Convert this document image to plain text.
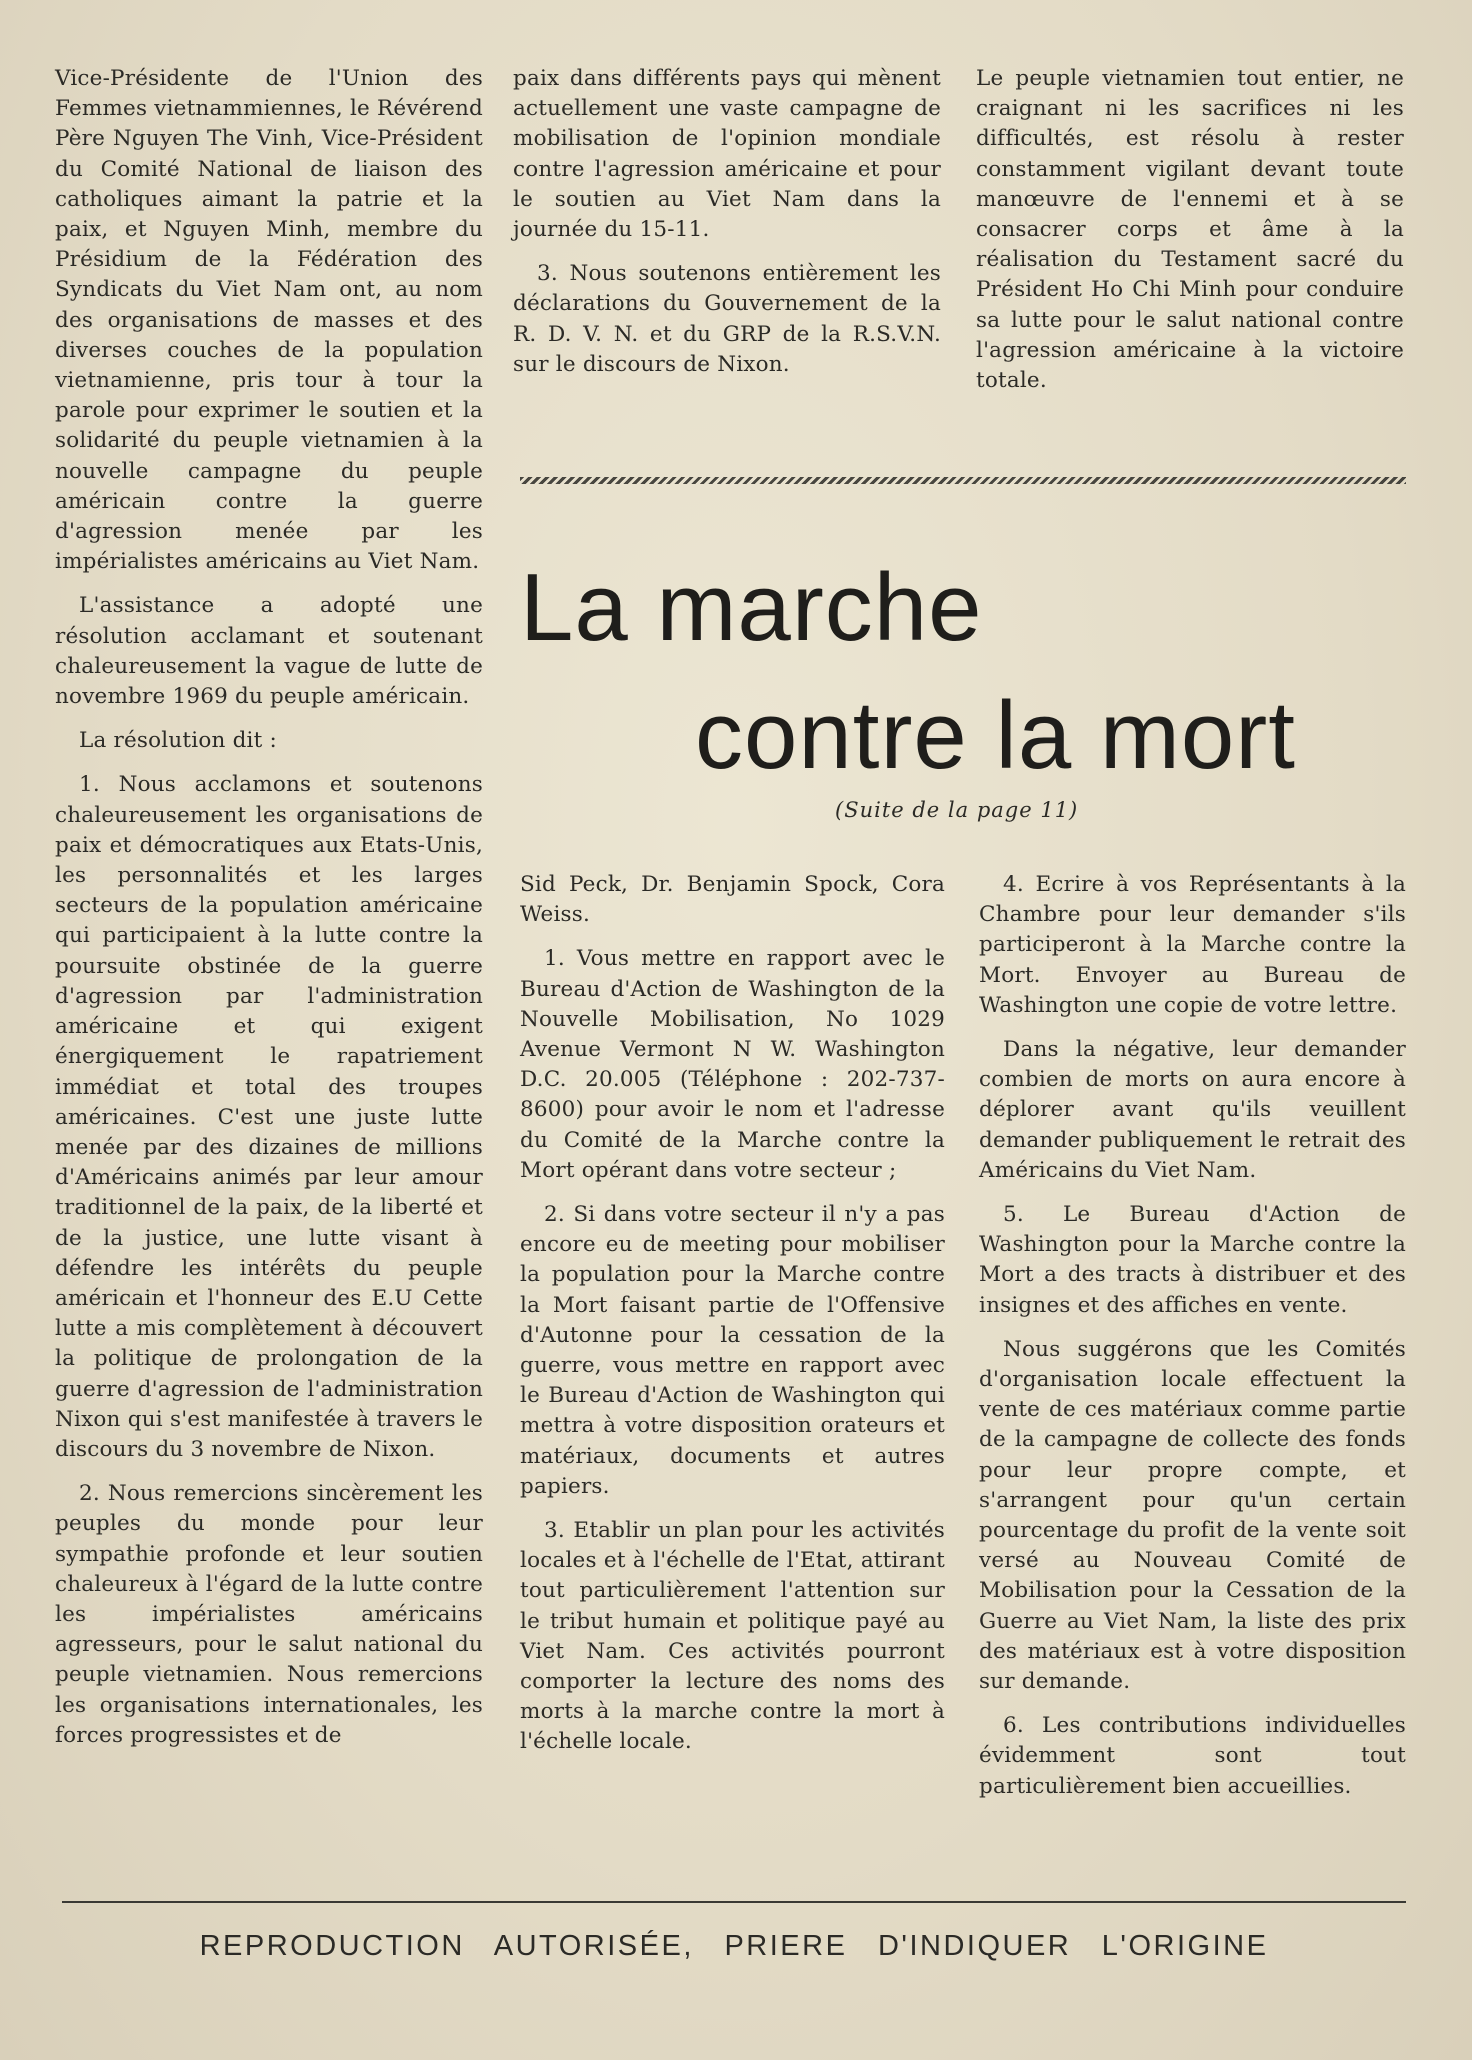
Vice-Présidente de l'Union des Femmes vietnammiennes, le Révérend Père Nguyen The Vinh, Vice-Président du Comité National de liaison des catholiques aimant la patrie et la paix, et Nguyen Minh, membre du Présidium de la Fédération des Syndicats du Viet Nam ont, au nom des organisations de masses et des diverses couches de la population vietnamienne, pris tour à tour la parole pour exprimer le soutien et la solidarité du peuple vietnamien à la nouvelle campagne du peuple américain contre la guerre d'agression menée par les impérialistes américains au Viet Nam.

L'assistance a adopté une résolution acclamant et soutenant chaleureusement la vague de lutte de novembre 1969 du peuple américain.

La résolution dit :

1. Nous acclamons et soutenons chaleureusement les organisations de paix et démocratiques aux Etats-Unis, les personnalités et les larges secteurs de la population américaine qui participaient à la lutte contre la poursuite obstinée de la guerre d'agression par l'administration américaine et qui exigent énergiquement le rapatriement immédiat et total des troupes américaines. C'est une juste lutte menée par des dizaines de millions d'Américains animés par leur amour traditionnel de la paix, de la liberté et de la justice, une lutte visant à défendre les intérêts du peuple américain et l'honneur des E.U Cette lutte a mis complètement à découvert la politique de prolongation de la guerre d'agression de l'administration Nixon qui s'est manifestée à travers le discours du 3 novembre de Nixon.

2. Nous remercions sincèrement les peuples du monde pour leur sympathie profonde et leur soutien chaleureux à l'égard de la lutte contre les impérialistes américains agresseurs, pour le salut national du peuple vietnamien. Nous remercions les organisations internationales, les forces progressistes et de

paix dans différents pays qui mènent actuellement une vaste campagne de mobilisation de l'opinion mondiale contre l'agression américaine et pour le soutien au Viet Nam dans la journée du 15-11.

3. Nous soutenons entièrement les déclarations du Gouvernement de la R. D. V. N. et du GRP de la R.S.V.N. sur le discours de Nixon.

Le peuple vietnamien tout entier, ne craignant ni les sacrifices ni les difficultés, est résolu à rester constamment vigilant devant toute manœuvre de l'ennemi et à se consacrer corps et âme à la réalisation du Testament sacré du Président Ho Chi Minh pour conduire sa lutte pour le salut national contre l'agression américaine à la victoire totale.

La marche
contre la mort
(Suite de la page 11)

Sid Peck, Dr. Benjamin Spock, Cora Weiss.

1. Vous mettre en rapport avec le Bureau d'Action de Washington de la Nouvelle Mobilisation, No 1029 Avenue Vermont N W. Washington D.C. 20.005 (Téléphone : 202-737-8600) pour avoir le nom et l'adresse du Comité de la Marche contre la Mort opérant dans votre secteur ;

2. Si dans votre secteur il n'y a pas encore eu de meeting pour mobiliser la population pour la Marche contre la Mort faisant partie de l'Offensive d'Autonne pour la cessation de la guerre, vous mettre en rapport avec le Bureau d'Action de Washington qui mettra à votre disposition orateurs et matériaux, documents et autres papiers.

3. Etablir un plan pour les activités locales et à l'échelle de l'Etat, attirant tout particulièrement l'attention sur le tribut humain et politique payé au Viet Nam. Ces activités pourront comporter la lecture des noms des morts à la marche contre la mort à l'échelle locale.

4. Ecrire à vos Représentants à la Chambre pour leur demander s'ils participeront à la Marche contre la Mort. Envoyer au Bureau de Washington une copie de votre lettre.

Dans la négative, leur demander combien de morts on aura encore à déplorer avant qu'ils veuillent demander publiquement le retrait des Américains du Viet Nam.

5. Le Bureau d'Action de Washington pour la Marche contre la Mort a des tracts à distribuer et des insignes et des affiches en vente.

Nous suggérons que les Comités d'organisation locale effectuent la vente de ces matériaux comme partie de la campagne de collecte des fonds pour leur propre compte, et s'arrangent pour qu'un certain pourcentage du profit de la vente soit versé au Nouveau Comité de Mobilisation pour la Cessation de la Guerre au Viet Nam, la liste des prix des matériaux est à votre disposition sur demande.

6. Les contributions individuelles évidemment sont tout particulièrement bien accueillies.

REPRODUCTION AUTORISÉE, PRIERE D'INDIQUER L'ORIGINE
